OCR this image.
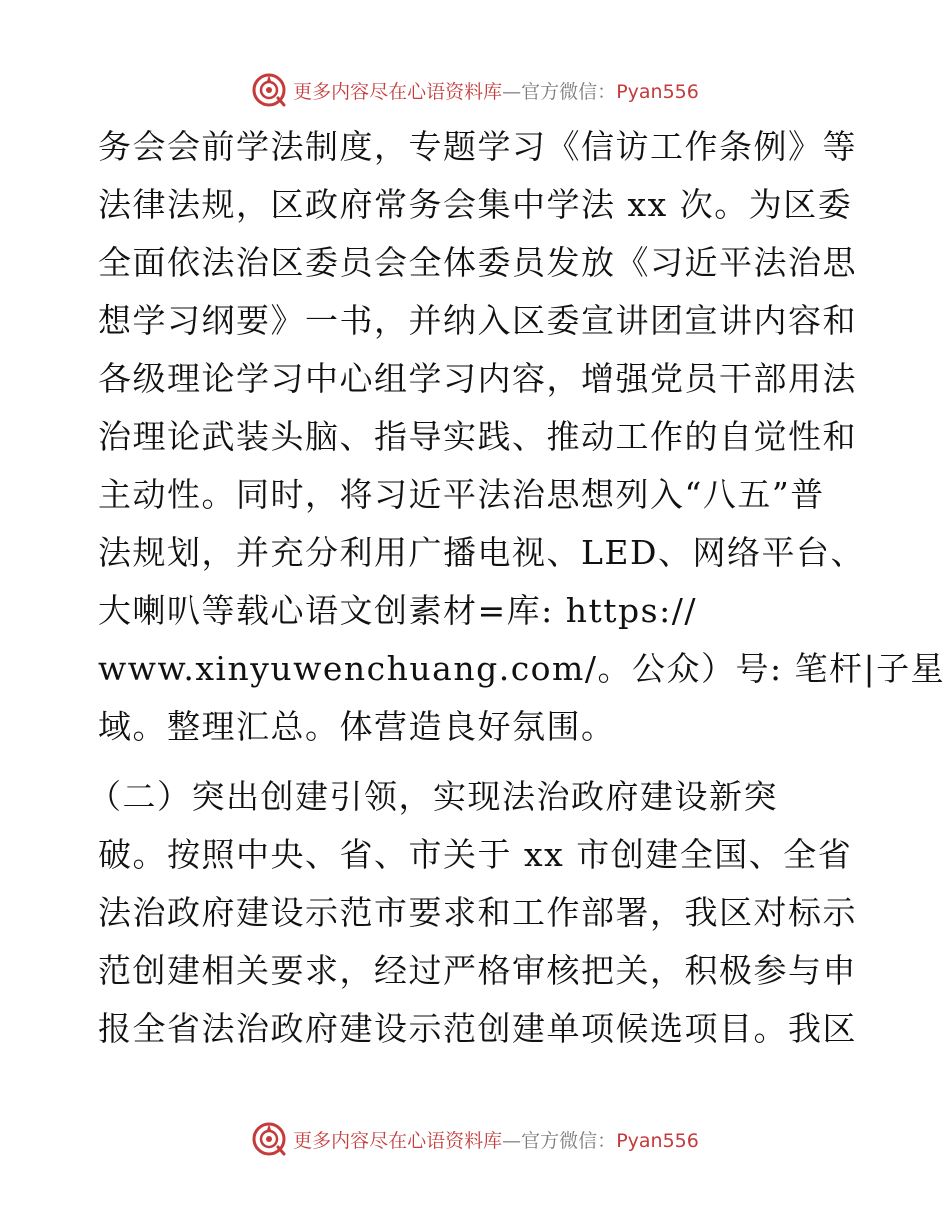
更多内容尽在心语资料库—官方微信：Pyan556
务会会前学法制度，专题学习《信访工作条例》等
法律法规，区政府常务会集中学法 xx 次。为区委
全面依法治区委员会全体委员发放《习近平法治思
想学习纲要》一书，并纳入区委宣讲团宣讲内容和
各级理论学习中心组学习内容，增强党员干部用法
治理论武装头脑、指导实践、推动工作的自觉性和
主动性。同时，将习近平法治思想列入“八五”普
法规划，并充分利用广播电视、LED、网络平台、
大喇叭等载心语文创素材=库: https://
www.xinyuwenchuang.com/。公众）号: 笔杆|子星
域。整理汇总。体营造良好氛围。
（二）突出创建引领，实现法治政府建设新突
破。按照中央、省、市关于 xx 市创建全国、全省
法治政府建设示范市要求和工作部署，我区对标示
范创建相关要求，经过严格审核把关，积极参与申
报全省法治政府建设示范创建单项候选项目。我区
更多内容尽在心语资料库—官方微信：Pyan556
